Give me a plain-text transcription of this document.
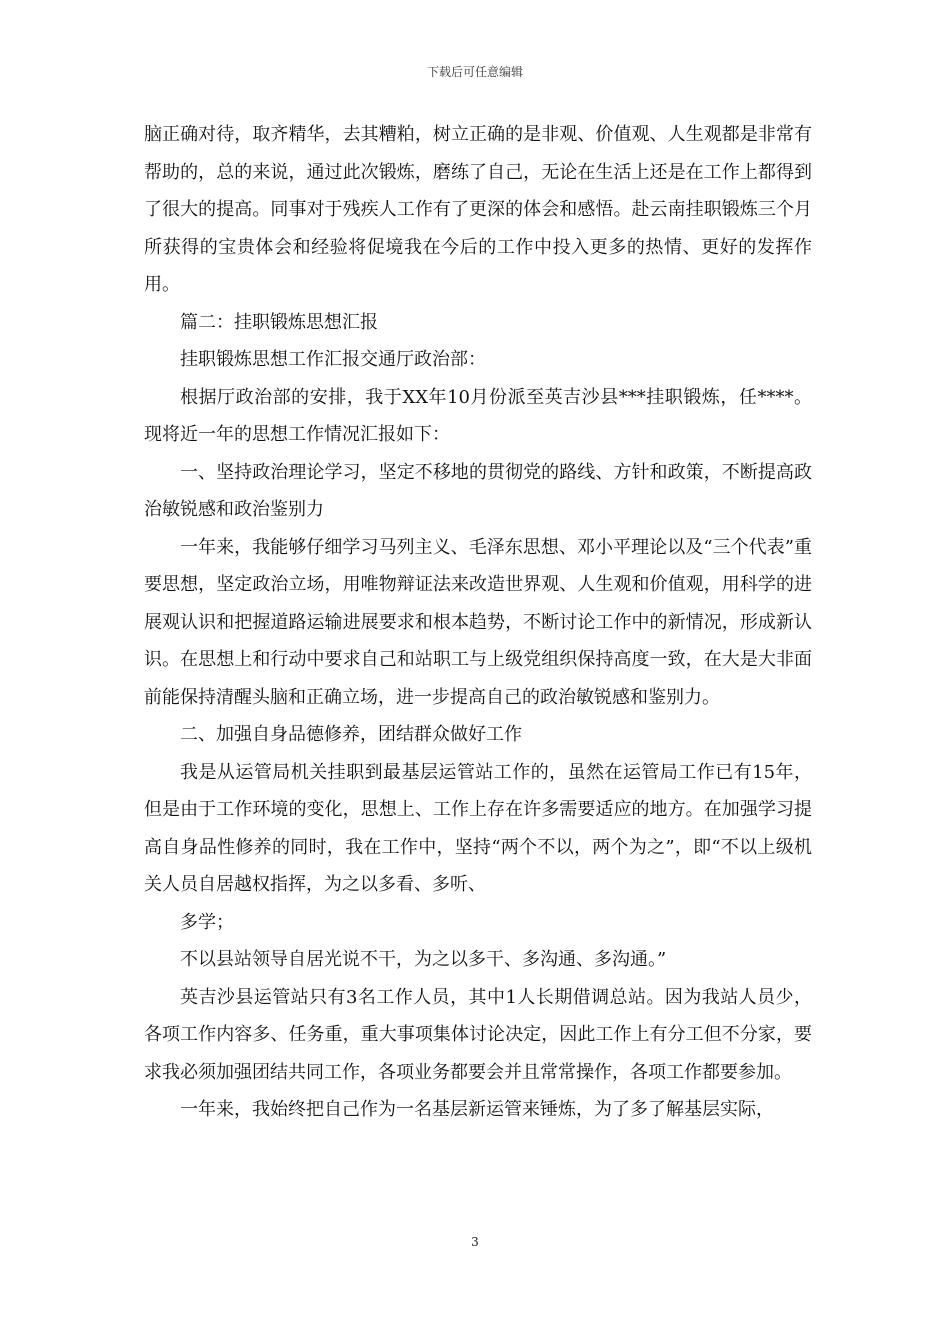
下载后可任意编辑

脑正确对待，取齐精华，去其糟粕，树立正确的是非观、价值观、人生观都是非常有帮助的，总的来说，通过此次锻炼，磨练了自己，无论在生活上还是在工作上都得到了很大的提高。同事对于残疾人工作有了更深的体会和感悟。赴云南挂职锻炼三个月所获得的宝贵体会和经验将促境我在今后的工作中投入更多的热情、更好的发挥作用。

篇二：挂职锻炼思想汇报

挂职锻炼思想工作汇报交通厅政治部：

根据厅政治部的安排，我于XX年10月份派至英吉沙县***挂职锻炼，任****。现将近一年的思想工作情况汇报如下：

一、坚持政治理论学习，坚定不移地的贯彻党的路线、方针和政策，不断提高政治敏锐感和政治鉴别力

一年来，我能够仔细学习马列主义、毛泽东思想、邓小平理论以及“三个代表”重要思想，坚定政治立场，用唯物辩证法来改造世界观、人生观和价值观，用科学的进展观认识和把握道路运输进展要求和根本趋势，不断讨论工作中的新情况，形成新认识。在思想上和行动中要求自己和站职工与上级党组织保持高度一致，在大是大非面前能保持清醒头脑和正确立场，进一步提高自己的政治敏锐感和鉴别力。

二、加强自身品德修养，团结群众做好工作

我是从运管局机关挂职到最基层运管站工作的，虽然在运管局工作已有15年，但是由于工作环境的变化，思想上、工作上存在许多需要适应的地方。在加强学习提高自身品性修养的同时，我在工作中，坚持“两个不以，两个为之”，即“不以上级机关人员自居越权指挥，为之以多看、多听、

多学；

不以县站领导自居光说不干，为之以多干、多沟通、多沟通。”

英吉沙县运管站只有3名工作人员，其中1人长期借调总站。因为我站人员少，各项工作内容多、任务重，重大事项集体讨论决定，因此工作上有分工但不分家，要求我必须加强团结共同工作，各项业务都要会并且常常操作，各项工作都要参加。

一年来，我始终把自己作为一名基层新运管来锤炼，为了多了解基层实际，

3
